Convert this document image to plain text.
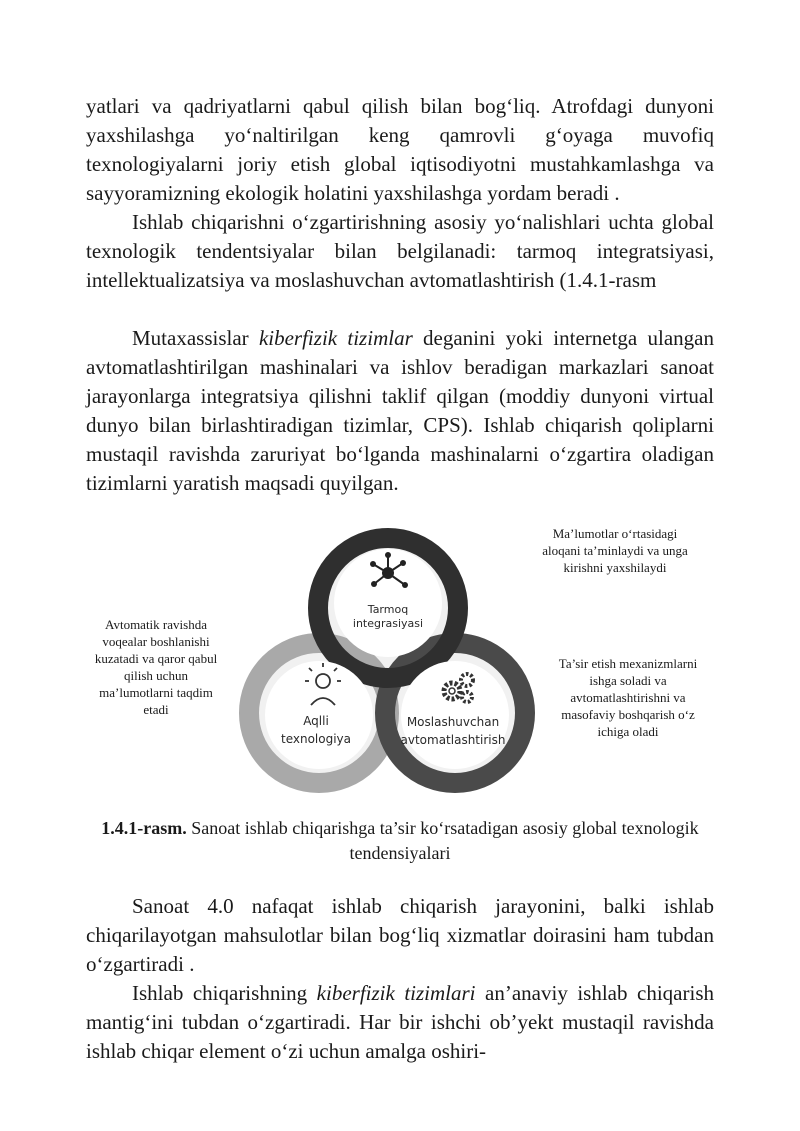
yatlari va qadriyatlarni qabul qilish bilan bog‘liq. Atrofdagi dunyoni yaxshilashga yo‘naltirilgan keng qamrovli g‘oyaga muvofiq texnologiyalarni joriy etish global iqtisodiyotni mustahkamlashga va sayyoramizning ekologik holatini yaxshilashga yordam beradi .

Ishlab chiqarishni o‘zgartirishning asosiy yo‘nalishlari uchta global texnologik tendentsiyalar bilan belgilanadi: tarmoq integratsiyasi, intellektualizatsiya va moslashuvchan avtomatlashtirish (1.4.1-rasm

Mutaxassislar kiberfizik tizimlar deganini yoki internetga ulangan avtomatlashtirilgan mashinalari va ishlov beradigan markazlari sanoat jarayonlarga integratsiya qilishni taklif qilgan (moddiy dunyoni virtual dunyo bilan birlashtiradigan tizimlar, CPS). Ishlab chiqarish qoliplarni mustaqil ravishda zaruriyat bo‘lganda mashinalarni o‘zgartira oladigan tizimlarni yaratish maqsadi quyilgan.

Tarmoq
integrasiyasi
Aqlli
texnologiya
Moslashuvchan
avtomatlashtirish

Ma’lumotlar o‘rtasidagi aloqani ta’minlaydi va unga kirishni yaxshilaydi

Avtomatik ravishda voqealar boshlanishi kuzatadi va qaror qabul qilish uchun ma’lumotlarni taqdim etadi

Ta’sir etish mexanizmlarni ishga soladi va avtomatlashtirishni va masofaviy boshqarish o‘z ichiga oladi

1.4.1-rasm. Sanoat ishlab chiqarishga ta’sir ko‘rsatadigan asosiy global texnologik tendensiyalari

Sanoat 4.0 nafaqat ishlab chiqarish jarayonini, balki ishlab chiqarilayotgan mahsulotlar bilan bog‘liq xizmatlar doirasini ham tubdan o‘zgartiradi .

Ishlab chiqarishning kiberfizik tizimlari an’anaviy ishlab chiqarish mantig‘ini tubdan o‘zgartiradi. Har bir ishchi ob’yekt mustaqil ravishda ishlab chiqar element o‘zi uchun amalga oshiri-
